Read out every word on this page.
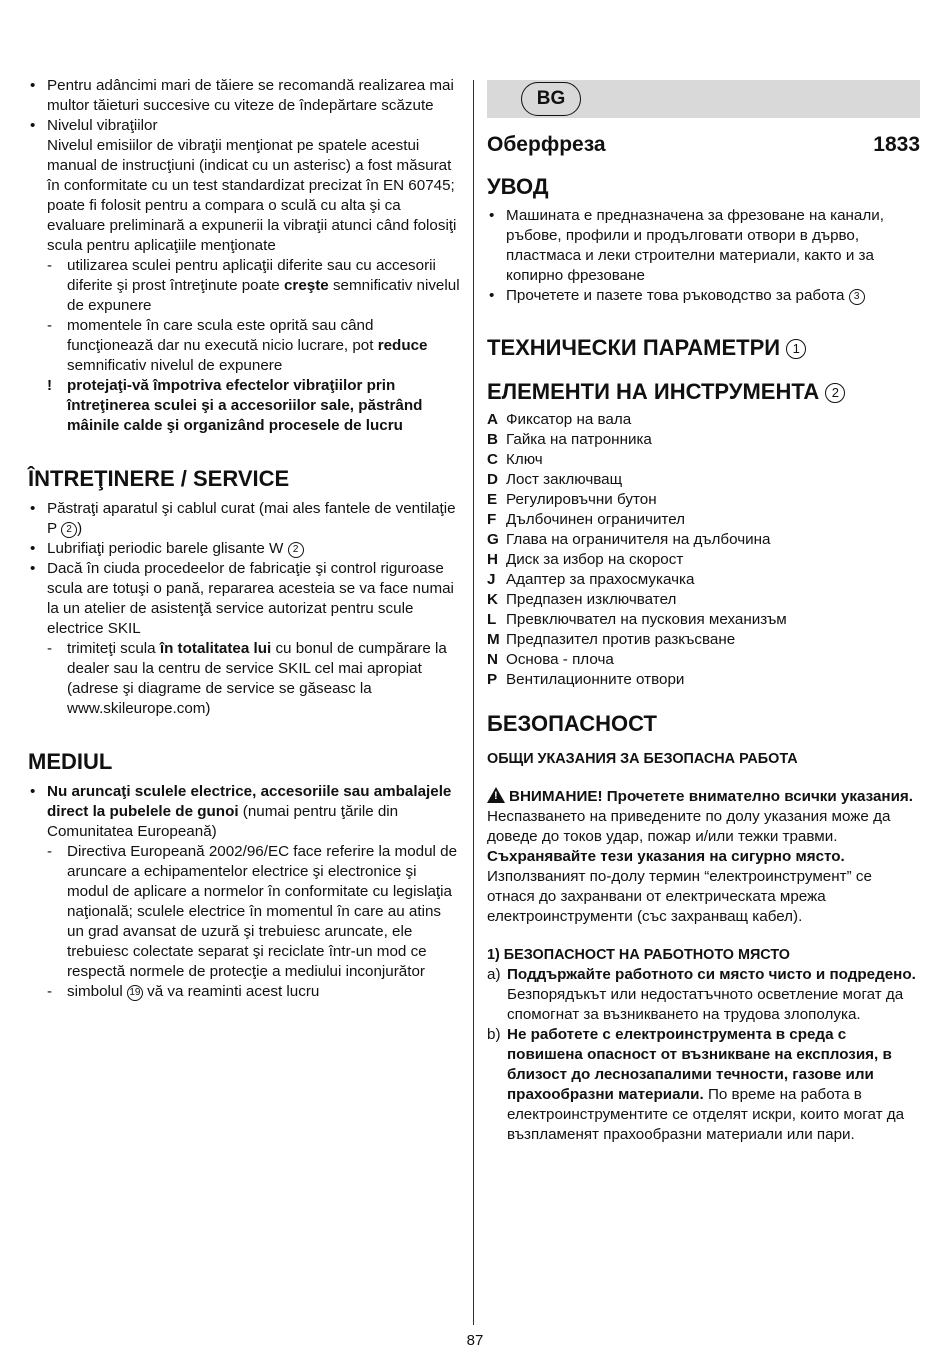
• Pentru adâncimi mari de tăiere se recomandă realizarea mai multor tăieturi succesive cu viteze de îndepărtare scăzute
• Nivelul vibraţiilor
Nivelul emisiilor de vibraţii menţionat pe spatele acestui manual de instrucţiuni (indicat cu un asterisc) a fost măsurat în conformitate cu un test standardizat precizat în EN 60745; poate fi folosit pentru a compara o sculă cu alta şi ca evaluare preliminară a expunerii la vibraţii atunci când folosiţi scula pentru aplicaţiile menţionate
- utilizarea sculei pentru aplicaţii diferite sau cu accesorii diferite şi prost întreţinute poate creşte semnificativ nivelul de expunere
- momentele în care scula este oprită sau când funcţionează dar nu execută nicio lucrare, pot reduce semnificativ nivelul de expunere
! protejaţi-vă împotriva efectelor vibraţiilor prin întreţinerea sculei şi a accesoriilor sale, păstrând mâinile calde şi organizând procesele de lucru
ÎNTREŢINERE / SERVICE
• Păstraţi aparatul şi cablul curat (mai ales fantele de ventilaţie P 2 )
• Lubrifiaţi periodic barele glisante W 2
• Dacă în ciuda procedeelor de fabricaţie şi control riguroase scula are totuşi o pană, repararea acesteia se va face numai la un atelier de asistenţă service autorizat pentru scule electrice SKIL
- trimiteţi scula în totalitatea lui cu bonul de cumpărare la dealer sau la centru de service SKIL cel mai apropiat (adrese şi diagrame de service se găseasc la www.skileurope.com)
MEDIUL
• Nu aruncaţi sculele electrice, accesoriile sau ambalajele direct la pubelele de gunoi (numai pentru ţările din Comunitatea Europeană)
- Directiva Europeană 2002/96/EC face referire la modul de aruncare a echipamentelor electrice şi electronice şi modul de aplicare a normelor în conformitate cu legislaţia naţională; sculele electrice în momentul în care au atins un grad avansat de uzură şi trebuiesc aruncate, ele trebuiesc colectate separat şi reciclate într-un mod ce respectă normele de protecţie a mediului inconjurător
- simbolul 19 vă va reaminti acest lucru
BG
Оберфреза	1833
УВОД
• Машината е предназначена за фрезоване на канали, ръбове, профили и продълговати отвори в дърво, пластмаса и леки строителни материали, както и за копирно фрезоване
• Прочетете и пазете това ръководство за работа 3
ТЕХНИЧЕСКИ ПАРАМЕТРИ 1
ЕЛЕМЕНТИ НА ИНСТРУМЕНТА 2
A Фиксатор на вала
B Гайка на патронника
C Ключ
D Лост заключващ
E Регулировъчни бутон
F Дълбочинен ограничител
G Глава на ограничителя на дълбочина
H Диск за избор на скорост
J Адаптер за прахосмукачка
K Предпазен изключвател
L Превключвател на пусковия механизъм
M Предпазител против разкъсване
N Основа - плоча
P Вентилационните отвори
БЕЗОПАСНОСТ

ОБЩИ УКАЗАНИЯ ЗА БЕЗОПАСНА РАБОТА

!ВНИМАНИЕ! Прочетете внимателно всички указания. Неспазването на приведените по долу указания може да доведе до токов удар, пожар и/или тежки травми. Съхранявайте тези указания на сигурно място. Използваният по-долу термин “електроинструмент” се отнася до захранвани от електрическата мрежа електроинструменти (със захранващ кабел).

1) БЕЗОПАСНОСТ НА РАБОТНОТО МЯСТО

a) Поддържайте работното си място чисто и подредено. Безпорядъкът или недостатъчното осветление могат да спомогнат за възникването на трудова злополука.
b) Не работете с електроинструмента в среда с повишена опасност от възникване на експлозия, в близост до леснозапалими течности, газове или прахообразни материали. По време на работа в електроинструментите се отделят искри, които могат да възпламенят прахообразни материали или пари.
87
